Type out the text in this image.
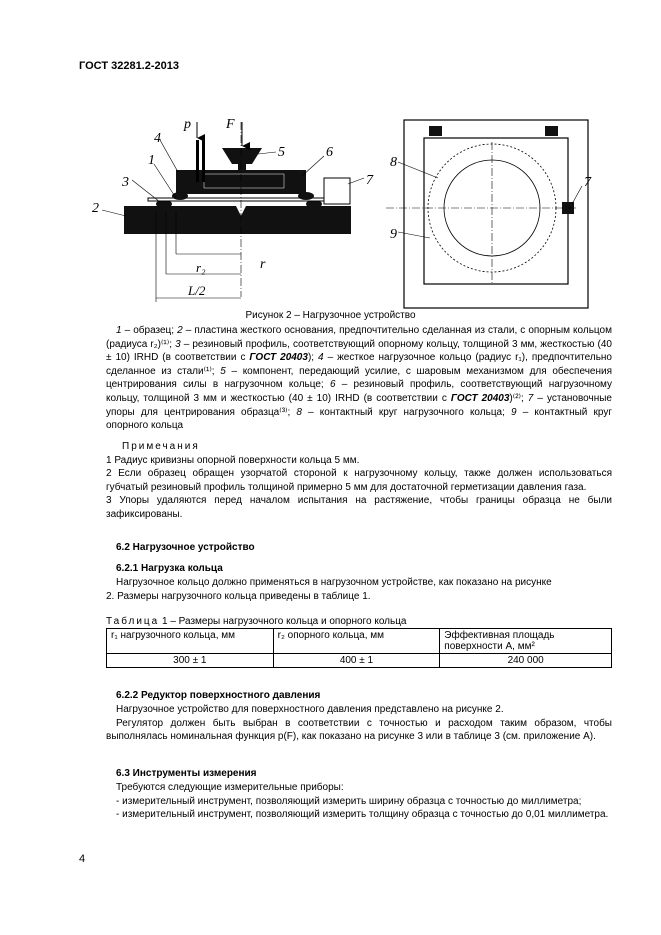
ГОСТ 32281.2-2013
p	F
4
5	6
1
3	7
2
r
r₂
L/2
8
9
7
Рисунок 2 – Нагрузочное устройство
1 – образец; 2 – пластина жесткого основания, предпочтительно сделанная из стали, с опорным кольцом (радиуса r₂)⁽¹⁾; 3 – резиновый профиль, соответствующий опорному кольцу, толщиной 3 мм, жесткостью (40 ± 10) IRHD (в соответствии с ГОСТ 20403); 4 – жесткое нагрузочное кольцо (радиус r₁), предпочтительно сделанное из стали⁽¹⁾; 5 – компонент, передающий усилие, с шаровым механизмом для обеспечения центрирования силы в нагрузочном кольце; 6 – резиновый профиль, соответствующий нагрузочному кольцу, толщиной 3 мм и жесткостью (40 ± 10) IRHD (в соответствии с ГОСТ 20403)⁽²⁾; 7 – установочные упоры для центрирования образца⁽³⁾; 8 – контактный круг нагрузочного кольца; 9 – контактный круг опорного кольца
Примечания

1 Радиус кривизны опорной поверхности кольца 5 мм.

2 Если образец обращен узорчатой стороной к нагрузочному кольцу, также должен использоваться губчатый резиновый профиль толщиной примерно 5 мм для достаточной герметизации давления газа.

3 Упоры удаляются перед началом испытания на растяжение, чтобы границы образца не были зафиксированы.

6.2 Нагрузочное устройство
6.2.1 Нагрузка кольца
Нагрузочное кольцо должно применяться в нагрузочном устройстве, как показано на рисунке
2. Размеры нагрузочного кольца приведены в таблице 1.
Таблица 1 – Размеры нагрузочного кольца и опорного кольца
r₁ нагрузочного кольца, мм	r₂ опорного кольца, мм	Эффективная площадь поверхности А, мм²
300 ± 1	400 ± 1	240 000
6.2.2 Редуктор поверхностного давления
Нагрузочное устройство для поверхностного давления представлено на рисунке 2.
Регулятор должен быть выбран в соответствии с точностью и расходом таким образом, чтобы выполнялась номинальная функция p(F), как показано на рисунке 3 или в таблице 3 (см. приложение А).
6.3 Инструменты измерения
Требуются следующие измерительные приборы:
- измерительный инструмент, позволяющий измерить ширину образца с точностью до миллиметра;
- измерительный инструмент, позволяющий измерить толщину образца с точностью до 0,01 миллиметра.
4
